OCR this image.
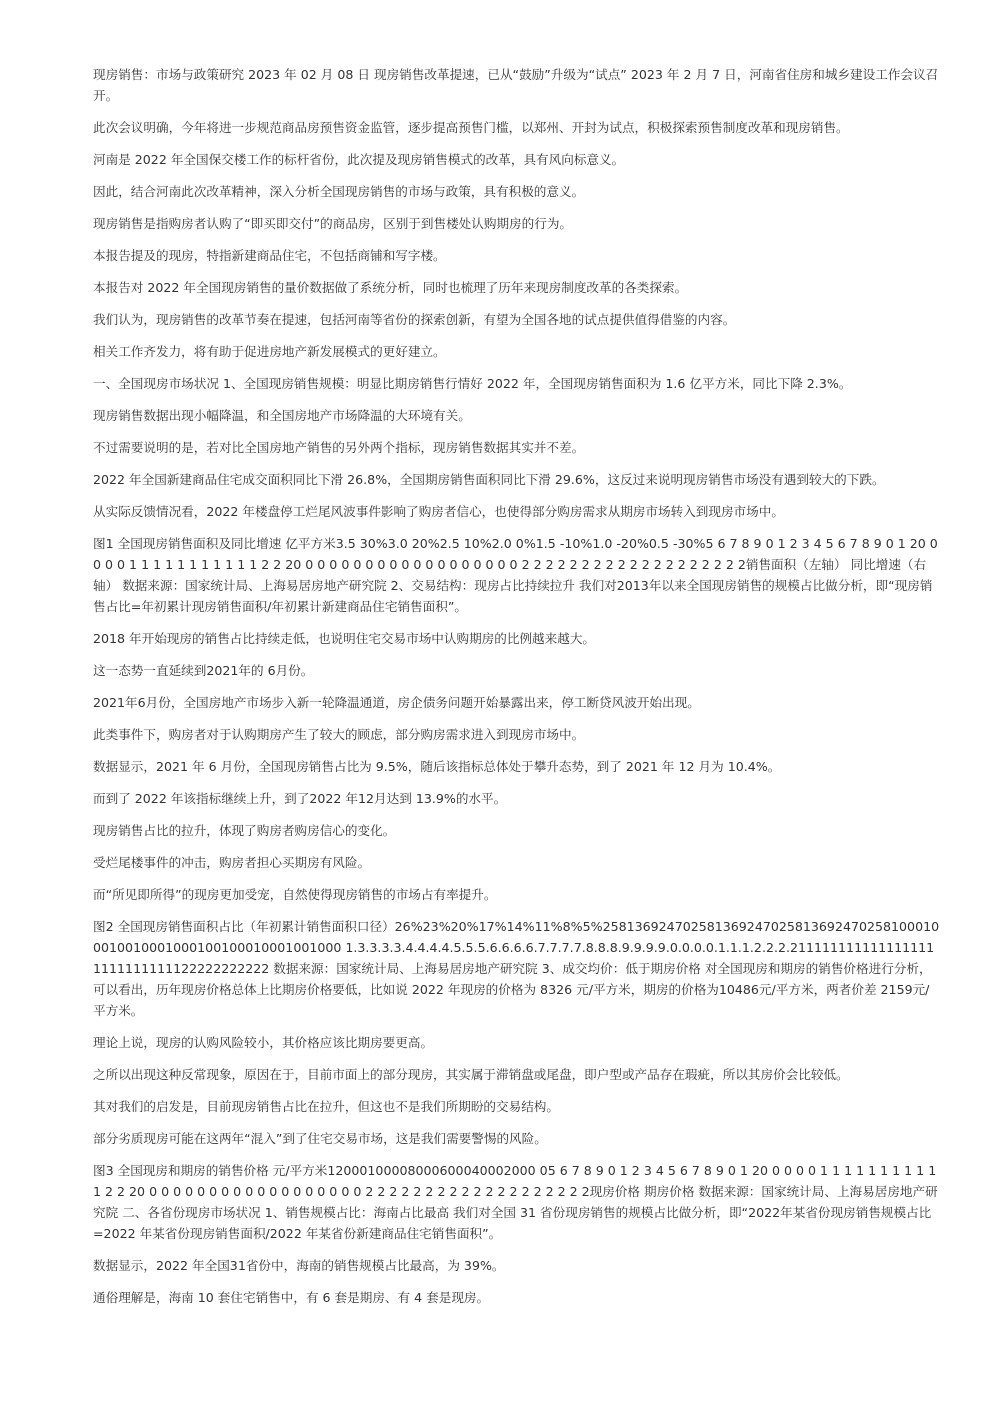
现房销售：市场与政策研究 2023 年 02 月 08 日 现房销售改革提速，已从“鼓励”升级为“试点” 2023 年 2 月 7 日，河南省住房和城乡建设工作会议召开。

此次会议明确，今年将进一步规范商品房预售资金监管，逐步提高预售门槛，以郑州、开封为试点，积极探索预售制度改革和现房销售。

河南是 2022 年全国保交楼工作的标杆省份，此次提及现房销售模式的改革，具有风向标意义。

因此，结合河南此次改革精神，深入分析全国现房销售的市场与政策，具有积极的意义。

现房销售是指购房者认购了“即买即交付”的商品房，区别于到售楼处认购期房的行为。

本报告提及的现房，特指新建商品住宅，不包括商铺和写字楼。

本报告对 2022 年全国现房销售的量价数据做了系统分析，同时也梳理了历年来现房制度改革的各类探索。

我们认为，现房销售的改革节奏在提速，包括河南等省份的探索创新，有望为全国各地的试点提供值得借鉴的内容。

相关工作齐发力，将有助于促进房地产新发展模式的更好建立。

一、全国现房市场状况 1、全国现房销售规模：明显比期房销售行情好 2022 年，全国现房销售面积为 1.6 亿平方米，同比下降 2.3%。

现房销售数据出现小幅降温，和全国房地产市场降温的大环境有关。

不过需要说明的是，若对比全国房地产销售的另外两个指标，现房销售数据其实并不差。

2022 年全国新建商品住宅成交面积同比下滑 26.8%，全国期房销售面积同比下滑 29.6%，这反过来说明现房销售市场没有遇到较大的下跌。

从实际反馈情况看，2022 年楼盘停工烂尾风波事件影响了购房者信心，也使得部分购房需求从期房市场转入到现房市场中。

图1 全国现房销售面积及同比增速 亿平方米3.5 30%3.0 20%2.5 10%2.0 0%1.5 -10%1.0 -20%0.5 -30%5 6 7 8 9 0 1 2 3 4 5 6 7 8 9 0 1 20 0 0 0 0 1 1 1 1 1 1 1 1 1 1 1 2 2 20 0 0 0 0 0 0 0 0 0 0 0 0 0 0 0 0 0 0 2 2 2 2 2 2 2 2 2 2 2 2 2 2 2 2 2 2 2销售面积（左轴） 同比增速（右轴） 数据来源：国家统计局、上海易居房地产研究院 2、交易结构：现房占比持续拉升 我们对2013年以来全国现房销售的规模占比做分析，即“现房销售占比=年初累计现房销售面积/年初累计新建商品住宅销售面积”。

2018 年开始现房的销售占比持续走低，也说明住宅交易市场中认购期房的比例越来越大。

这一态势一直延续到2021年的 6月份。

2021年6月份，全国房地产市场步入新一轮降温通道，房企债务问题开始暴露出来，停工断贷风波开始出现。

此类事件下，购房者对于认购期房产生了较大的顾虑，部分购房需求进入到现房市场中。

数据显示，2021 年 6 月份，全国现房销售占比为 9.5%，随后该指标总体处于攀升态势，到了 2021 年 12 月为 10.4%。

而到了 2022 年该指标继续上升，到了2022 年12月达到 13.9%的水平。

现房销售占比的拉升，体现了购房者购房信心的变化。

受烂尾楼事件的冲击，购房者担心买期房有风险。

而“所见即所得”的现房更加受宠，自然使得现房销售的市场占有率提升。

图2 全国现房销售面积占比（年初累计销售面积口径）26%23%20%17%14%11%8%5%2581369247025813692470258136924702581000100010010001000100100010001001000 1.3.3.3.3.4.4.4.4.5.5.5.6.6.6.6.7.7.7.7.8.8.8.9.9.9.9.0.0.0.0.1.1.1.2.2.2.2111111111111111111111111111122222222222 数据来源：国家统计局、上海易居房地产研究院 3、成交均价：低于期房价格 对全国现房和期房的销售价格进行分析，可以看出，历年现房价格总体上比期房价格要低，比如说 2022 年现房的价格为 8326 元/平方米，期房的价格为10486元/平方米，两者价差 2159元/平方米。

理论上说，现房的认购风险较小，其价格应该比期房要更高。

之所以出现这种反常现象，原因在于，目前市面上的部分现房，其实属于滞销盘或尾盘，即户型或产品存在瑕疵，所以其房价会比较低。

其对我们的启发是，目前现房销售占比在拉升，但这也不是我们所期盼的交易结构。

部分劣质现房可能在这两年“混入”到了住宅交易市场，这是我们需要警惕的风险。

图3 全国现房和期房的销售价格 元/平方米12000100008000600040002000 05 6 7 8 9 0 1 2 3 4 5 6 7 8 9 0 1 20 0 0 0 0 1 1 1 1 1 1 1 1 1 1 1 2 2 20 0 0 0 0 0 0 0 0 0 0 0 0 0 0 0 0 0 0 2 2 2 2 2 2 2 2 2 2 2 2 2 2 2 2 2 2 2现房价格 期房价格 数据来源：国家统计局、上海易居房地产研究院 二、各省份现房市场状况 1、销售规模占比：海南占比最高 我们对全国 31 省份现房销售的规模占比做分析，即“2022年某省份现房销售规模占比=2022 年某省份现房销售面积/2022 年某省份新建商品住宅销售面积”。

数据显示，2022 年全国31省份中，海南的销售规模占比最高，为 39%。

通俗理解是，海南 10 套住宅销售中，有 6 套是期房、有 4 套是现房。
